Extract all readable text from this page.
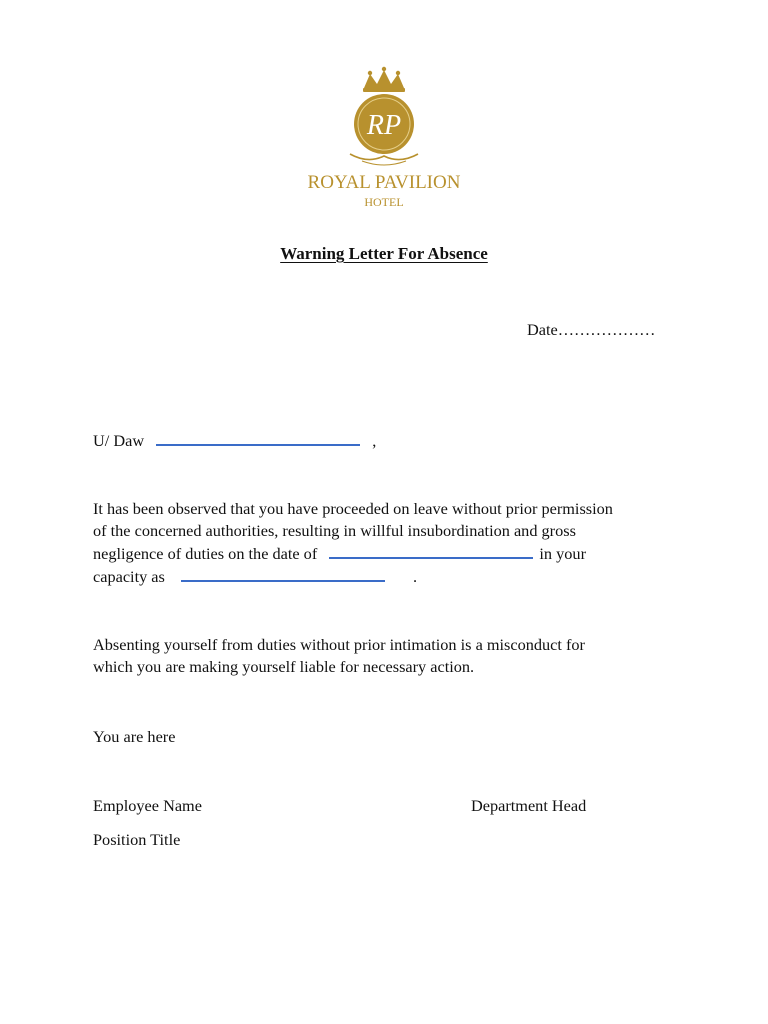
RP
ROYAL PAVILION
HOTEL
Warning Letter For Absence
Date………………
U/ Daw	,
It has been observed that you have proceeded on leave without prior permission
of the concerned authorities, resulting in willful insubordination and gross
negligence of duties on the date of	in your
capacity as	.
Absenting yourself from duties without prior intimation is a misconduct for
which you are making yourself liable for necessary action.
You are here
Employee Name	Department Head
Position Title
